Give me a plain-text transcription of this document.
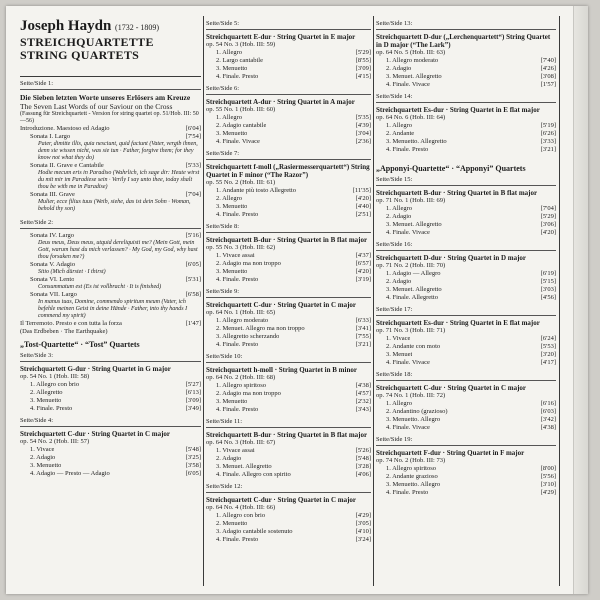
Joseph Haydn (1732 - 1809)
STREICHQUARTETTE
STRING QUARTETS
Seite/Side 1:
Die Sieben letzten Worte unseres Erlösers am Kreuze
The Seven Last Words of our Saviour on the Cross
(Fassung für Streichquartett - Version for string quartet op. 51/Hob. III: 50—56)
Introduzione. Maestoso ed Adagio	[6'04]
Sonata I. Largo	[7'54]
Pater, dimitte illis, quia nesciunt, quid faciunt (Vater, vergib ihnen, denn sie wissen nicht, was sie tun · Father, forgive them; for they know not what they do)
Sonata II. Grave e Cantabile	[5'33]
Hodie mecum eris in Paradiso (Wahrlich, ich sage dir: Heute wirst du mit mir im Paradiese sein · Verily I say unto thee, today shalt thou be with me in Paradise)
Sonata III. Grave	[7'04]
Mulier, ecce filius tuus (Weib, siehe, das ist dein Sohn · Woman, behold thy son)
Seite/Side 2:
Sonata IV. Largo	[5'16]
Deus meus, Deus meus, utquid dereliquisti me? (Mein Gott, mein Gott, warum hast du mich verlassen? · My God, my God, why hast thou forsaken me?)
Sonata V. Adagio	[6'05]
Sitio (Mich dürstet · I thirst)
Sonata VI. Lento	[5'31]
Consummatum est (Es ist vollbracht · It is finished)
Sonata VII. Largo	[6'58]
In manus tuas, Domine, commendo spiritum meum (Vater, ich befehle meinen Geist in deine Hände · Father, into thy hands I commend my spirit)
Il Terremoto. Presto e con tutta la forza	[1'47]
(Das Erdbeben · The Earthquake)
„Tost-Quartette“ · “Tost” Quartets
Seite/Side 3:
Streichquartett G-dur · String Quartet in G major
op. 54 No. 1 (Hob. III: 58)
1. Allegro con brio	[5'27]
2. Allegretto	[6'13]
3. Menuetto	[3'09]
4. Finale. Presto	[3'49]
Seite/Side 4:
Streichquartett C-dur · String Quartet in C major
op. 54 No. 2 (Hob. III: 57)
1. Vivace	[5'48]
2. Adagio	[3'25]
3. Menuetto	[3'58]
4. Adagio — Presto — Adagio	[6'05]
Seite/Side 5:
Streichquartett E-dur · String Quartet in E major
op. 54 No. 3 (Hob. III: 59)
1. Allegro	[5'29]
2. Largo cantabile	[8'55]
3. Menuetto	[3'09]
4. Finale. Presto	[4'15]
Seite/Side 6:
Streichquartett A-dur · String Quartet in A major
op. 55 No. 1 (Hob. III: 60)
1. Allegro	[5'35]
2. Adagio cantabile	[4'39]
3. Menuetto	[3'04]
4. Finale. Vivace	[2'36]
Seite/Side 7:
Streichquartett f-moll („Rasiermesserquartett“) String Quartet in F minor (“The Razor”)
op. 55 No. 2 (Hob. III: 61)
1. Andante più tosto Allegretto	[11'35]
2. Allegro	[4'20]
3. Menuetto	[4'40]
4. Finale. Presto	[2'51]
Seite/Side 8:
Streichquartett B-dur · String Quartet in B flat major
op. 55 No. 3 (Hob. III: 62)
1. Vivace assai	[4'37]
2. Adagio ma non troppo	[6'57]
3. Menuetto	[4'20]
4. Finale. Presto	[3'19]
Seite/Side 9:
Streichquartett C-dur · String Quartet in C major
op. 64 No. 1 (Hob. III: 65)
1. Allegro moderato	[6'33]
2. Menuet. Allegro ma non troppo	[3'41]
3. Allegretto scherzando	[7'55]
4. Finale. Presto	[3'21]
Seite/Side 10:
Streichquartett h-moll · String Quartet in B minor
op. 64 No. 2 (Hob. III: 68)
1. Allegro spiritoso	[4'38]
2. Adagio ma non troppo	[4'57]
3. Menuetto	[2'32]
4. Finale. Presto	[3'43]
Seite/Side 11:
Streichquartett B-dur · String Quartet in B flat major
op. 64 No. 3 (Hob. III: 67)
1. Vivace assai	[5'26]
2. Adagio	[5'48]
3. Menuet. Allegretto	[3'28]
4. Finale. Allegro con spirito	[4'06]
Seite/Side 12:
Streichquartett C-dur · String Quartet in C major
op. 64 No. 4 (Hob. III: 66)
1. Allegro con brio	[4'29]
2. Menuetto	[3'05]
3. Adagio cantabile sostenuto	[4'10]
4. Finale. Presto	[3'24]
Seite/Side 13:
Streichquartett D-dur („Lerchenquartett“) String Quartet in D major (“The Lark”)
op. 64 No. 5 (Hob. III: 63)
1. Allegro moderato	[7'40]
2. Adagio	[4'26]
3. Menuet. Allegretto	[3'08]
4. Finale. Vivace	[1'57]
Seite/Side 14:
Streichquartett Es-dur · String Quartet in E flat major
op. 64 No. 6 (Hob. III: 64)
1. Allegro	[5'19]
2. Andante	[6'26]
3. Menuetto. Allegretto	[3'33]
4. Finale. Presto	[3'21]
„Apponyi-Quartette“ · “Apponyi” Quartets
Seite/Side 15:
Streichquartett B-dur · String Quartet in B flat major
op. 71 No. 1 (Hob. III: 69)
1. Allegro	[7'04]
2. Adagio	[5'29]
3. Menuet. Allegretto	[3'06]
4. Finale. Vivace	[4'20]
Seite/Side 16:
Streichquartett D-dur · String Quartet in D major
op. 71 No. 2 (Hob. III: 70)
1. Adagio — Allegro	[6'19]
2. Adagio	[5'15]
3. Menuet. Allegretto	[3'03]
4. Finale. Allegretto	[4'56]
Seite/Side 17:
Streichquartett Es-dur · String Quartet in E flat major
op. 71 No. 3 (Hob. III: 71)
1. Vivace	[6'24]
2. Andante con moto	[5'53]
3. Menuet	[3'20]
4. Finale. Vivace	[4'17]
Seite/Side 18:
Streichquartett C-dur · String Quartet in C major
op. 74 No. 1 (Hob. III: 72)
1. Allegro	[6'16]
2. Andantino (grazioso)	[6'03]
3. Menuetto. Allegro	[3'42]
4. Finale. Vivace	[4'38]
Seite/Side 19:
Streichquartett F-dur · String Quartet in F major
op. 74 No. 2 (Hob. III: 73)
1. Allegro spiritoso	[8'00]
2. Andante grazioso	[5'56]
3. Menuetto. Allegro	[3'10]
4. Finale. Presto	[4'29]
